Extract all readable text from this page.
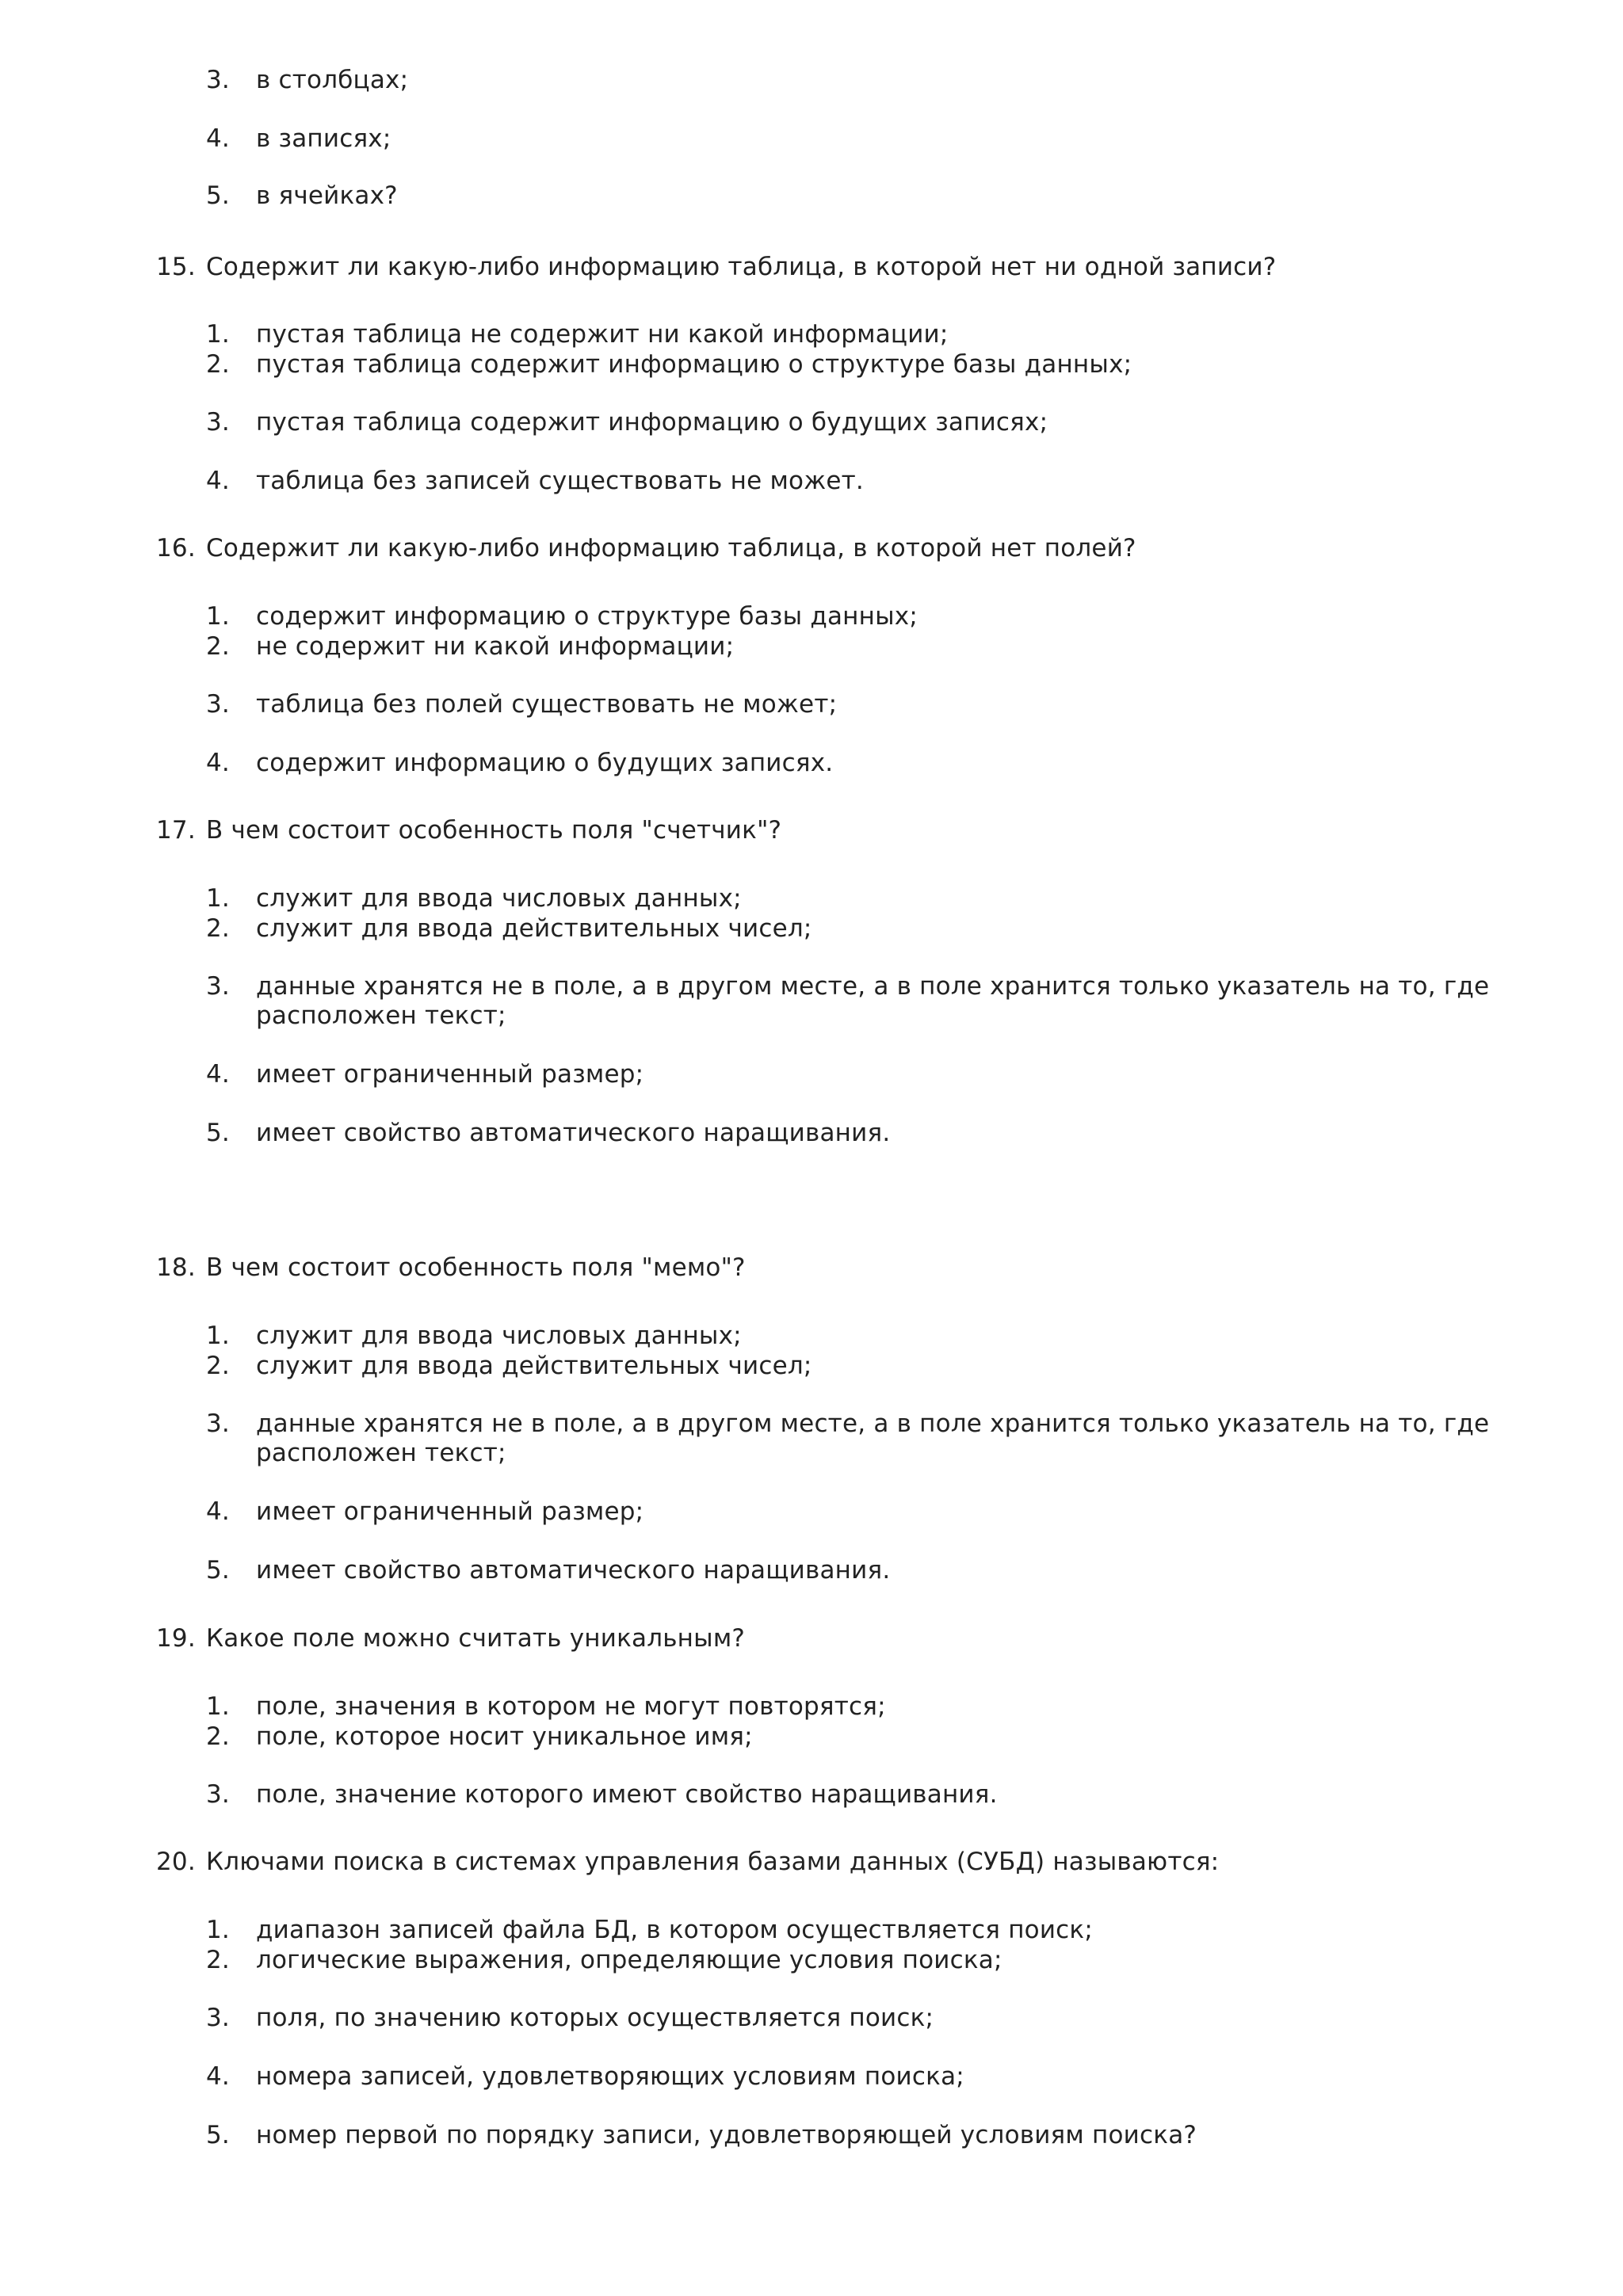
3. в столбцах;
4. в записях;
5. в ячейках?
15. Содержит ли какую-либо информацию таблица, в которой нет ни одной записи?
1. пустая таблица не содержит ни какой информации;
2. пустая таблица содержит информацию о структуре базы данных;
3. пустая таблица содержит информацию о будущих записях;
4. таблица без записей существовать не может.
16. Содержит ли какую-либо информацию таблица, в которой нет полей?
1. содержит информацию о структуре базы данных;
2. не содержит ни какой информации;
3. таблица без полей существовать не может;
4. содержит информацию о будущих записях.
17. В чем состоит особенность поля "счетчик"?
1. служит для ввода числовых данных;
2. служит для ввода действительных чисел;
3. данные хранятся не в поле, а в другом месте, а в поле хранится только указатель на то, где
расположен текст;
4. имеет ограниченный размер;
5. имеет свойство автоматического наращивания.
18. В чем состоит особенность поля "мемо"?
1. служит для ввода числовых данных;
2. служит для ввода действительных чисел;
3. данные хранятся не в поле, а в другом месте, а в поле хранится только указатель на то, где
расположен текст;
4. имеет ограниченный размер;
5. имеет свойство автоматического наращивания.
19. Какое поле можно считать уникальным?
1. поле, значения в котором не могут повторятся;
2. поле, которое носит уникальное имя;
3. поле, значение которого имеют свойство наращивания.
20. Ключами поиска в системах управления базами данных (СУБД) называются:
1. диапазон записей файла БД, в котором осуществляется поиск;
2. логические выражения, определяющие условия поиска;
3. поля, по значению которых осуществляется поиск;
4. номера записей, удовлетворяющих условиям поиска;
5. номер первой по порядку записи, удовлетворяющей условиям поиска?
